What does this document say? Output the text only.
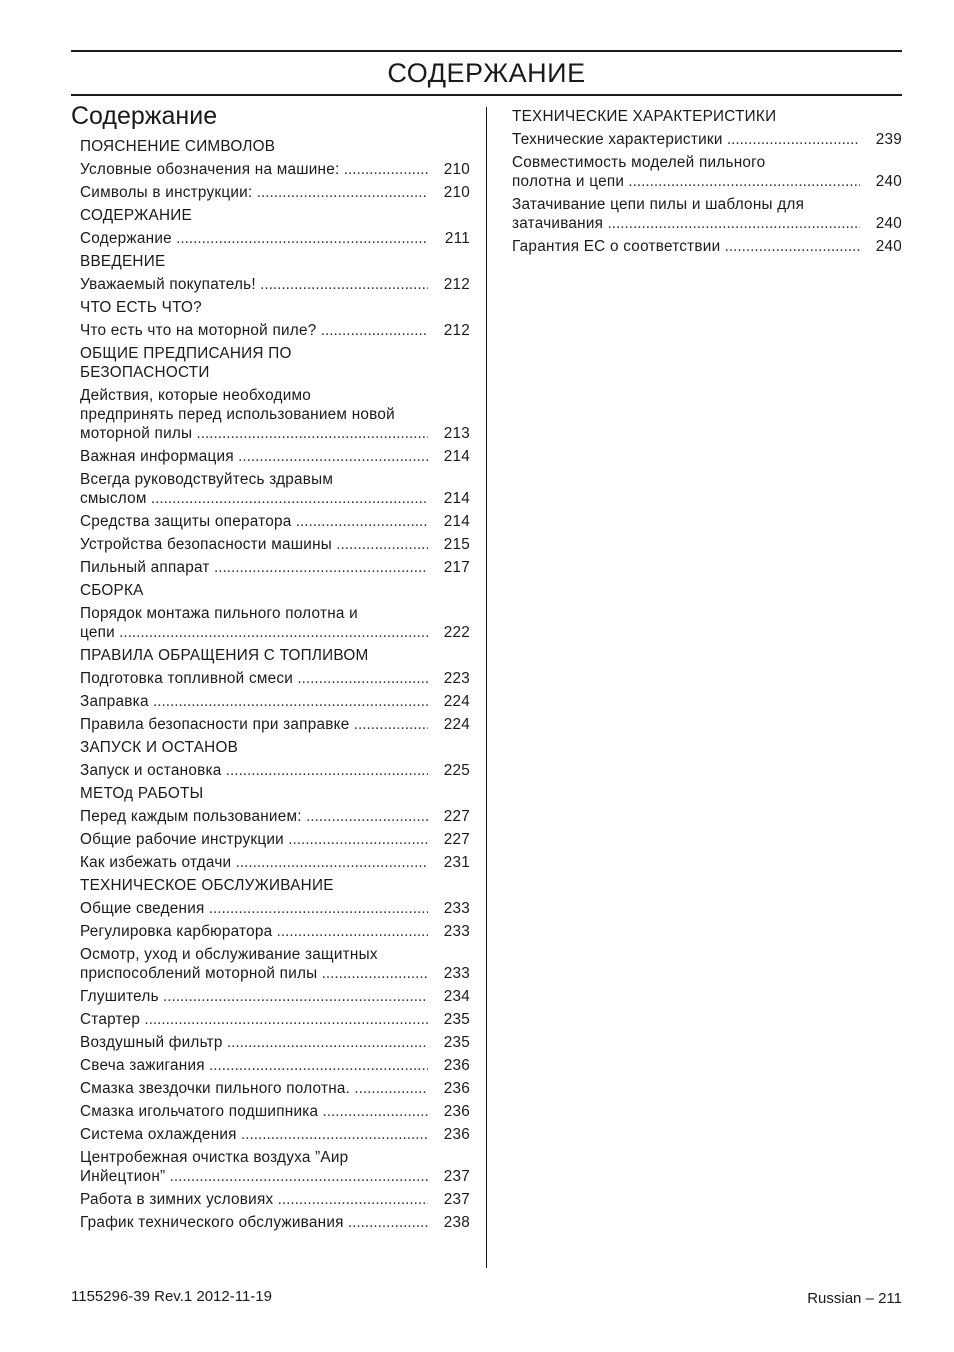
СОДЕРЖАНИЕ
Содержание
ПОЯСНЕНИЕ СИМВОЛОВ
Условные обозначения на машине: .....	210
Символы в инструкции: .....	210
СОДЕРЖАНИЕ
Содержание .....	211
ВВЕДЕНИЕ
Уважаемый покупатель! .....	212
ЧТО ЕСТЬ ЧТО?
Что есть что на моторной пиле? .....	212
ОБЩИЕ ПРЕДПИСАНИЯ ПО
БЕЗОПАСНОСТИ
Действия, которые необходимо
предпринять перед использованием новой
моторной пилы .....	213
Важная информация .....	214
Всегда руководствуйтесь здравым
смыслом .....	214
Средства защиты оператора .....	214
Устройства безопасности машины .....	215
Пильный аппарат .....	217
СБОРКА
Порядок монтажа пильного полотна и
цепи .....	222
ПРАВИЛА ОБРАЩЕНИЯ С ТОПЛИВОМ
Подготовка топливной смеси .....	223
Заправка .....	224
Правила безопасности при заправке .....	224
ЗАПУСК И ОСТАНОВ
Запуск и остановка .....	225
МЕТОд РАБОТЫ
Перед каждым пользованием: .....	227
Общие рабочие инструкции .....	227
Как избежать отдачи .....	231
ТЕХНИЧЕСКОЕ ОБСЛУЖИВАНИЕ
Общие сведения .....	233
Регулировка карбюратора .....	233
Осмотр, уход и обслуживание защитных
приспособлений моторной пилы .....	233
Глушитель .....	234
Стартер .....	235
Воздушный фильтр .....	235
Свеча зажигания .....	236
Смазка звездочки пильного полотна. .....	236
Смазка игольчатого подшипника .....	236
Система охлаждения .....	236
Центробежная очистка воздуха ”Аир
Инйецтион” .....	237
Работа в зимних условиях .....	237
График технического обслуживания .....	238
ТЕХНИЧЕСКИЕ ХАРАКТЕРИСТИКИ
Технические характеристики .....	239
Совместимость моделей пильного
полотна и цепи .....	240
Затачивание цепи пилы и шаблоны для
затачивания .....	240
Гарантия ЕС о соответствии .....	240
1155296-39 Rev.1 2012-11-19	Russian – 211
